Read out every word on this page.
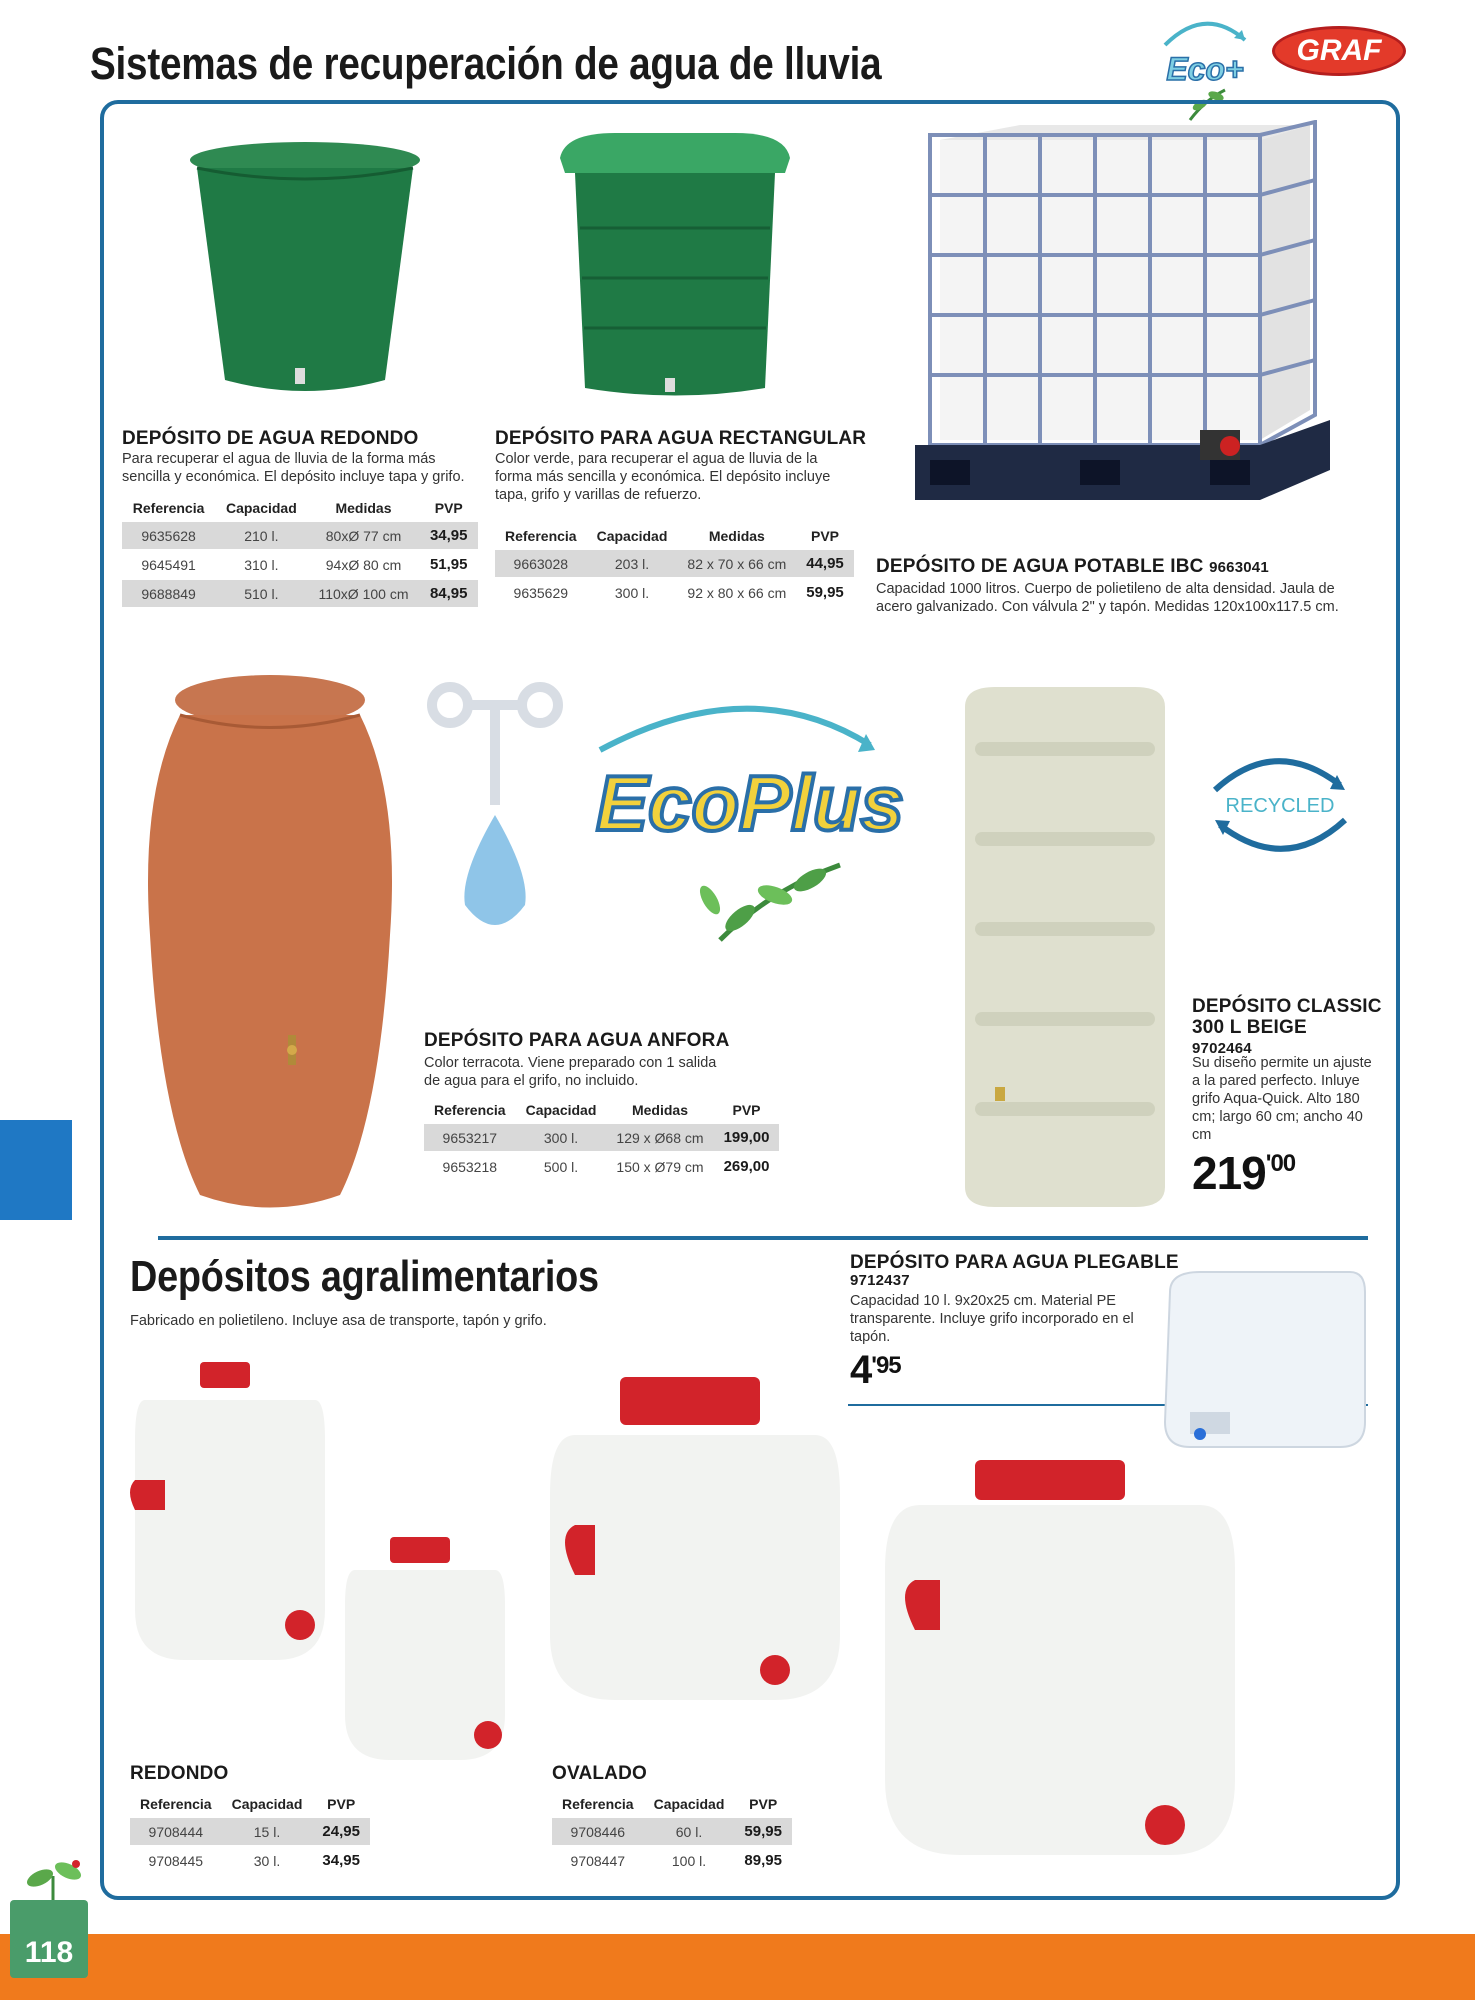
Sistemas de recuperación de agua de lluvia	Eco+
GRAF
DEPÓSITO DE AGUA REDONDO
Para recuperar el agua de lluvia de la forma más sencilla y económica. El depósito incluye tapa y grifo.
Referencia	Capacidad	Medidas	PVP
9635628	210 l.	80xØ 77 cm	34,95
9645491	310 l.	94xØ 80 cm	51,95
9688849	510 l.	110xØ 100 cm	84,95
DEPÓSITO PARA AGUA RECTANGULAR
Color verde, para recuperar el agua de lluvia de la forma más sencilla y económica. El depósito incluye tapa, grifo y varillas de refuerzo.
Referencia	Capacidad	Medidas	PVP
9663028	203 l.	82 x 70 x 66 cm	44,95
9635629	300 l.	92 x 80 x 66 cm	59,95
DEPÓSITO DE AGUA POTABLE IBC 9663041
Capacidad 1000 litros. Cuerpo de polietileno de alta densidad. Jaula de acero galvanizado. Con válvula 2" y tapón. Medidas 120x100x117.5 cm.
DEPÓSITO PARA AGUA ANFORA
Color terracota. Viene preparado con 1 salida de agua para el grifo, no incluido.
Referencia	Capacidad	Medidas	PVP
9653217	300 l.	129 x Ø68 cm	199,00
9653218	500 l.	150 x Ø79 cm	269,00
EcoPlus	RECYCLED
DEPÓSITO CLASSIC
300 L BEIGE
9702464
Su diseño permite un ajuste a la pared perfecto. Inluye grifo Aqua-Quick. Alto 180 cm; largo 60 cm; ancho 40 cm
$219^{'00}$
Depósitos agralimentarios
Fabricado en polietileno. Incluye asa de transporte, tapón y grifo.
DEPÓSITO PARA AGUA PLEGABLE
9712437
Capacidad 10 l. 9x20x25 cm. Material PE transparente. Incluye grifo incorporado en el tapón.
$4^{'95}$
REDONDO
Referencia	Capacidad	PVP
9708444	15 l.	24,95
9708445	30 l.	34,95
OVALADO
Referencia	Capacidad	PVP
9708446	60 l.	59,95
9708447	100 l.	89,95
118
